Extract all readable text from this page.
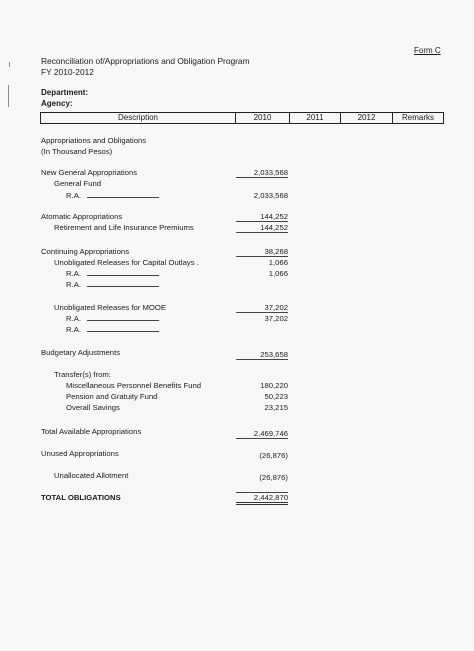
Form C
Reconciliation of/Appropriations and Obligation Program
FY 2010-2012
Department:
Agency:
Description	2010	2011	2012	Remarks
Appropriations and Obligations
(In Thousand Pesos)
New General Appropriations	2,033,568
General Fund
R.A.	2,033,568
Atomatic Appropriations	144,252
Retirement and Life Insurance Premiums	144,252
Continuing Appropriations	38,268
Unobligated Releases for Capital Outlays .	1,066
R.A.	1,066
R.A.
Unobligated Releases for MOOE	37,202
R.A.	37,202
R.A.
Budgetary Adjustments	253,658
Transfer(s) from:
Miscellaneous Personnel Benefits Fund	180,220
Pension and Gratuity Fund	50,223
Overall Savings	23,215
Total Available Appropriations	2,469,746
Unused Appropriations	(26,876)
Unallocated Allotment	(26,876)
TOTAL OBLIGATIONS	2,442,870
